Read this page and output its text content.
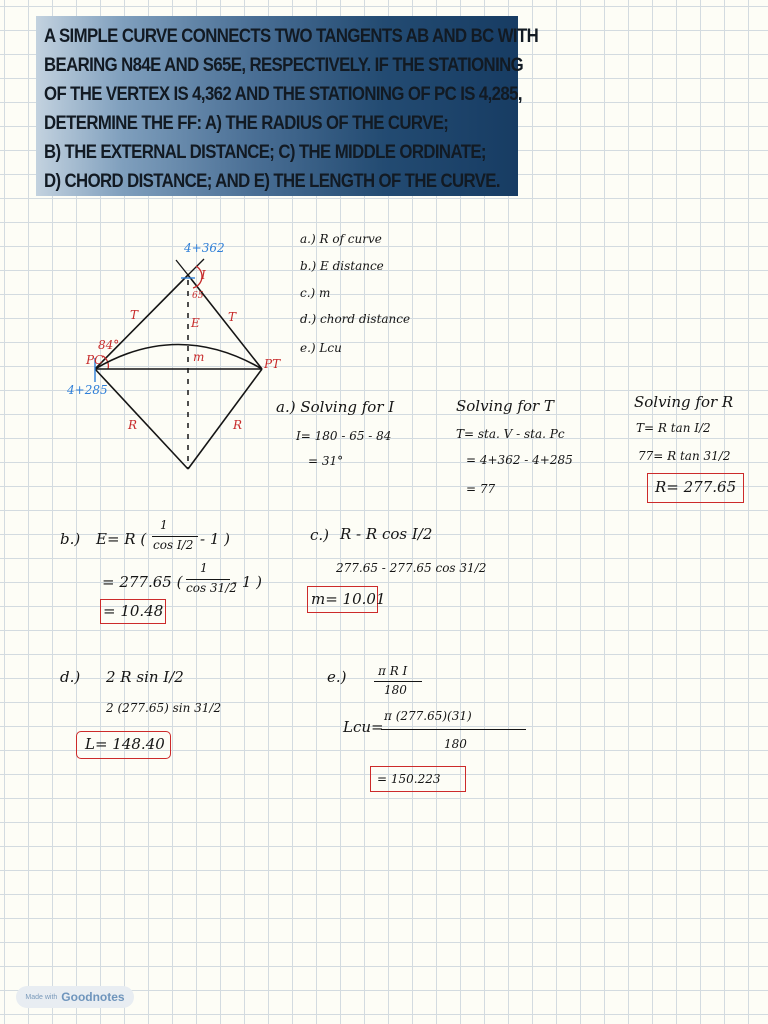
A SIMPLE CURVE CONNECTS TWO TANGENTS AB AND BC WITH
BEARING N84E AND S65E, RESPECTIVELY. IF THE STATIONING
OF THE VERTEX IS 4,362 AND THE STATIONING OF PC IS 4,285,
DETERMINE THE FF: A) THE RADIUS OF THE CURVE;
B) THE EXTERNAL DISTANCE; C) THE MIDDLE ORDINATE;
D) CHORD DISTANCE; AND E) THE LENGTH OF THE CURVE.
4+362
I
65
84°
T	T
E
m
PC	PT
R	R
4+285
a.) R of curve
b.) E distance
c.) m
d.) chord distance
e.) Lcu
a.) Solving for I
I= 180 - 65 - 84
= 31°
Solving for T
T= sta. V - sta. Pc
= 4+362 - 4+285
= 77
Solving for R
T= R tan I/2
77= R tan 31/2
R= 277.65
b.) E= R (
1
cos I/2 - 1 )
= 277.65 (
1
cos 31/2
- 1 )
= 10.48
c.) R - R cos I/2
277.65 - 277.65 cos 31/2
m= 10.01
d.) 2 R sin I/2
2 (277.65) sin 31/2
L= 148.40
e.)	π R I
180
Lcu=
π (277.65)(31)
180
= 150.223
Made with Goodnotes
